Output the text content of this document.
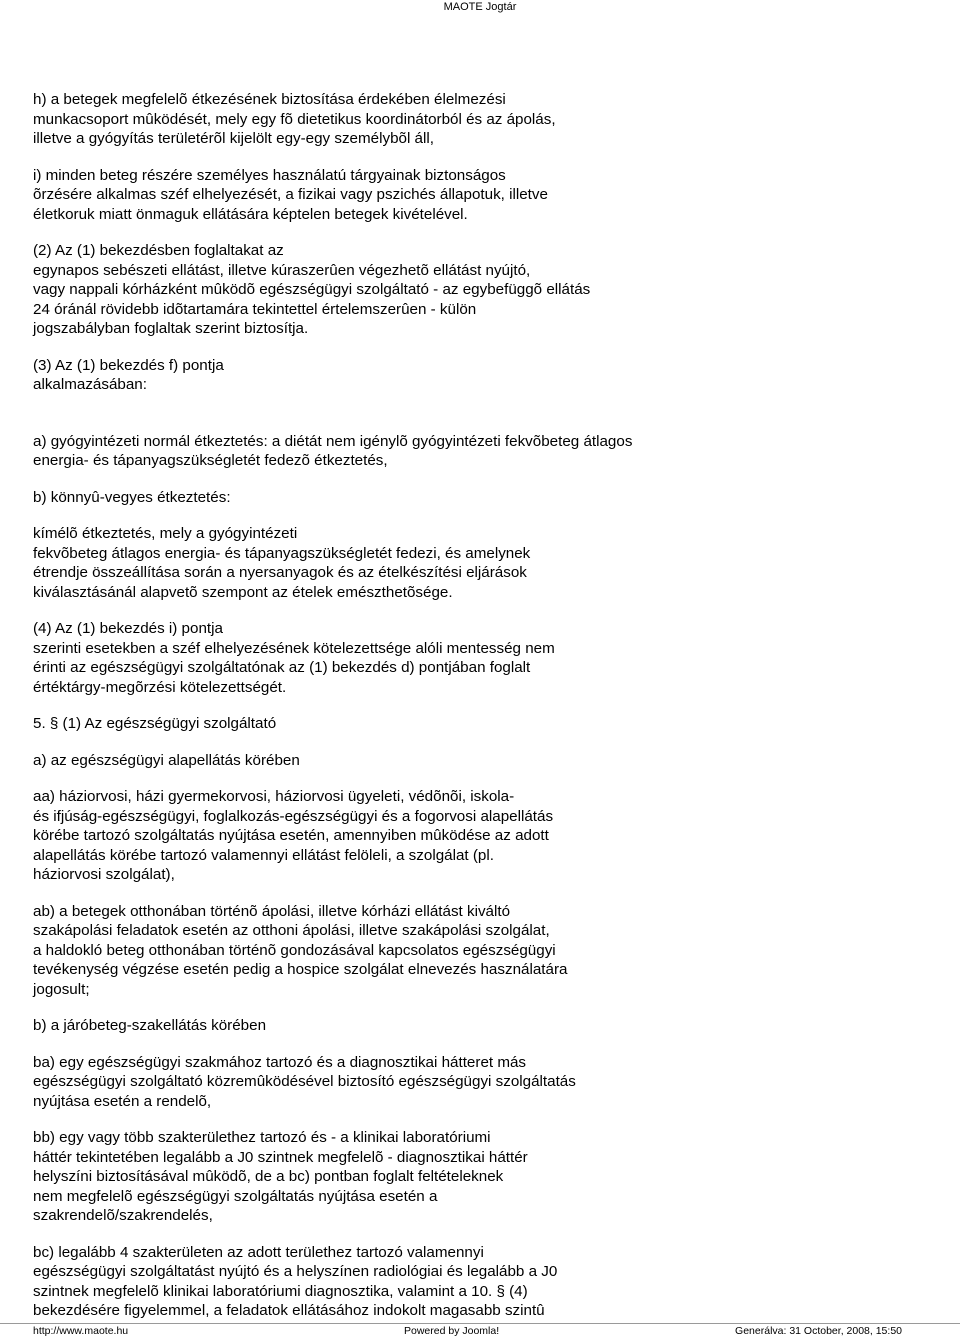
MAOTE Jogtár
h) a betegek megfelelõ étkezésének biztosítása érdekében élelmezési
munkacsoport mûködését, mely egy fõ dietetikus koordinátorból és az ápolás,
illetve a gyógyítás területérõl kijelölt egy-egy személybõl áll,
i) minden beteg részére személyes használatú tárgyainak biztonságos
õrzésére alkalmas széf elhelyezését, a fizikai vagy pszichés állapotuk, illetve
életkoruk miatt önmaguk ellátására képtelen betegek kivételével.
(2) Az (1) bekezdésben foglaltakat az
egynapos sebészeti ellátást, illetve kúraszerûen végezhetõ ellátást nyújtó,
vagy nappali kórházként mûködõ egészségügyi szolgáltató - az egybefüggõ ellátás
24 óránál rövidebb idõtartamára tekintettel értelemszerûen - külön
jogszabályban foglaltak szerint biztosítja.
(3) Az (1) bekezdés f) pontja
alkalmazásában:
a) gyógyintézeti normál étkeztetés: a diétát nem igénylõ gyógyintézeti fekvõbeteg átlagos
energia- és tápanyagszükségletét fedezõ étkeztetés,
b) könnyû-vegyes étkeztetés:
kímélõ étkeztetés, mely a gyógyintézeti
fekvõbeteg átlagos energia- és tápanyagszükségletét fedezi, és amelynek
étrendje összeállítása során a nyersanyagok és az ételkészítési eljárások
kiválasztásánál alapvetõ szempont az ételek emészthetõsége.
(4) Az (1) bekezdés i) pontja
szerinti esetekben a széf elhelyezésének kötelezettsége alóli mentesség nem
érinti az egészségügyi szolgáltatónak az (1) bekezdés d) pontjában foglalt
értéktárgy-megõrzési kötelezettségét.
5. § (1) Az egészségügyi szolgáltató
a) az egészségügyi alapellátás körében
aa) háziorvosi, házi gyermekorvosi, háziorvosi ügyeleti, védõnõi, iskola-
és ifjúság-egészségügyi, foglalkozás-egészségügyi és a fogorvosi alapellátás
körébe tartozó szolgáltatás nyújtása esetén, amennyiben mûködése az adott
alapellátás körébe tartozó valamennyi ellátást felöleli, a szolgálat (pl.
háziorvosi szolgálat),
ab) a betegek otthonában történõ ápolási, illetve kórházi ellátást kiváltó
szakápolási feladatok esetén az otthoni ápolási, illetve szakápolási szolgálat,
a haldokló beteg otthonában történõ gondozásával kapcsolatos egészségügyi
tevékenység végzése esetén pedig a hospice szolgálat elnevezés használatára
jogosult;
b) a járóbeteg-szakellátás körében
ba) egy egészségügyi szakmához tartozó és a diagnosztikai hátteret más
egészségügyi szolgáltató közremûködésével biztosító egészségügyi szolgáltatás
nyújtása esetén a rendelõ,
bb) egy vagy több szakterülethez tartozó és - a klinikai laboratóriumi
háttér tekintetében legalább a J0 szintnek megfelelõ - diagnosztikai háttér
helyszíni biztosításával mûködõ, de a bc) pontban foglalt feltételeknek
nem megfelelõ egészségügyi szolgáltatás nyújtása esetén a
szakrendelõ/szakrendelés,
bc) legalább 4 szakterületen az adott területhez tartozó valamennyi
egészségügyi szolgáltatást nyújtó és a helyszínen radiológiai és legalább a J0
szintnek megfelelõ klinikai laboratóriumi diagnosztika, valamint a 10. § (4)
bekezdésére figyelemmel, a feladatok ellátásához indokolt magasabb szintû
http://www.maote.hu	Powered by Joomla!	Generálva: 31 October, 2008, 15:50
